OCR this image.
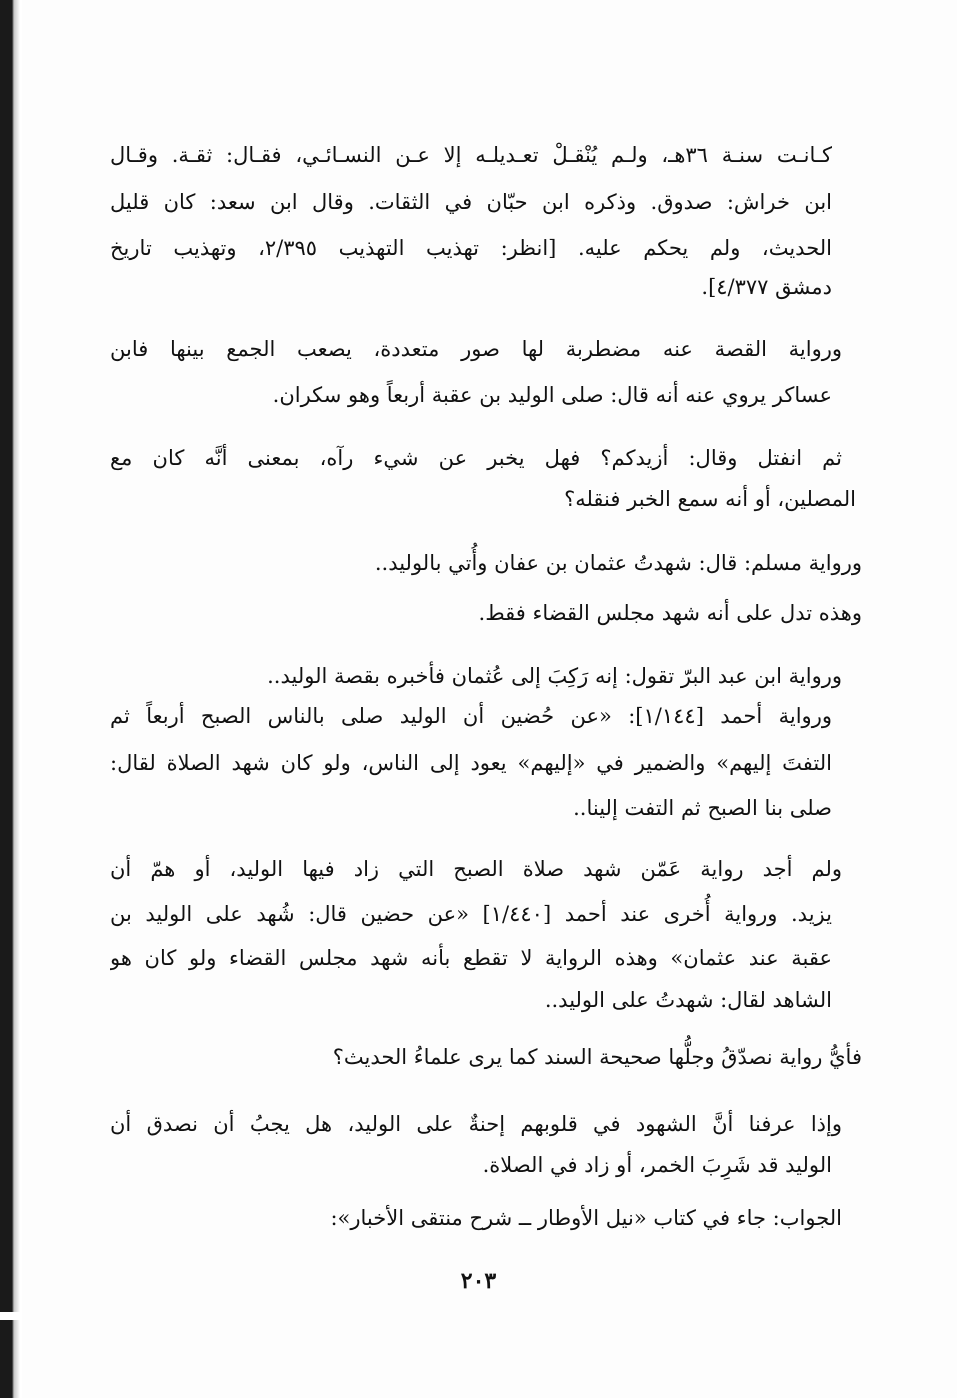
كـانـت سنـة ٣٦هـ، ولـم يُنْقـلْ تعـديلـه إلا عـن النسـائـي، فقـال: ثقـة. وقـال
ابن خراش: صدوق. وذكره ابن حبّان في الثقات. وقال ابن سعد: كان قليل
الحديث، ولم يحكم عليه. [انظر: تهذيب التهذيب ٢/٣٩٥، وتهذيب تاريخ
دمشق ٤/٣٧٧].
ورواية القصة عنه مضطربة لها صور متعددة، يصعب الجمع بينها فابن
عساكر يروي عنه أنه قال: صلى الوليد بن عقبة أربعاً وهو سكران.
ثم انفتل وقال: أزيدكم؟ فهل يخبر عن شيء رآه، بمعنى أنَّه كان مع
المصلين، أو أنه سمع الخبر فنقله؟
ورواية مسلم: قال: شهدتُ عثمان بن عفان وأُتي بالوليد..
وهذه تدل على أنه شهد مجلس القضاء فقط.
ورواية ابن عبد البرّ تقول: إنه رَكِبَ إلى عُثمان فأخبره بقصة الوليد..
ورواية أحمد [١/١٤٤]: «عن حُضين أن الوليد صلى بالناس الصبح أربعاً ثم
التفتَ إليهم» والضمير في «إليهم» يعود إلى الناس، ولو كان شهد الصلاة لقال:
صلى بنا الصبح ثم التفت إلينا..
ولم أجد رواية عَمّن شهد صلاة الصبح التي زاد فيها الوليد، أو همّ أن
يزيد. ورواية أُخرى عند أحمد [١/٤٤٠] «عن حضين قال: شُهد على الوليد بن
عقبة عند عثمان» وهذه الرواية لا تقطع بأنه شهد مجلس القضاء ولو كان هو
الشاهد لقال: شهدتُ على الوليد..
فأيُّ رواية نصدّقُ وجلُّها صحيحة السند كما يرى علماءُ الحديث؟
وإذا عرفنا أنَّ الشهود في قلوبهم إحنةٌ على الوليد، هل يجبُ أن نصدق أن
الوليد قد شَرِبَ الخمر، أو زاد في الصلاة.
الجواب: جاء في كتاب «نيل الأوطار ــ شرح منتقى الأخبار»:
٢٠٣
